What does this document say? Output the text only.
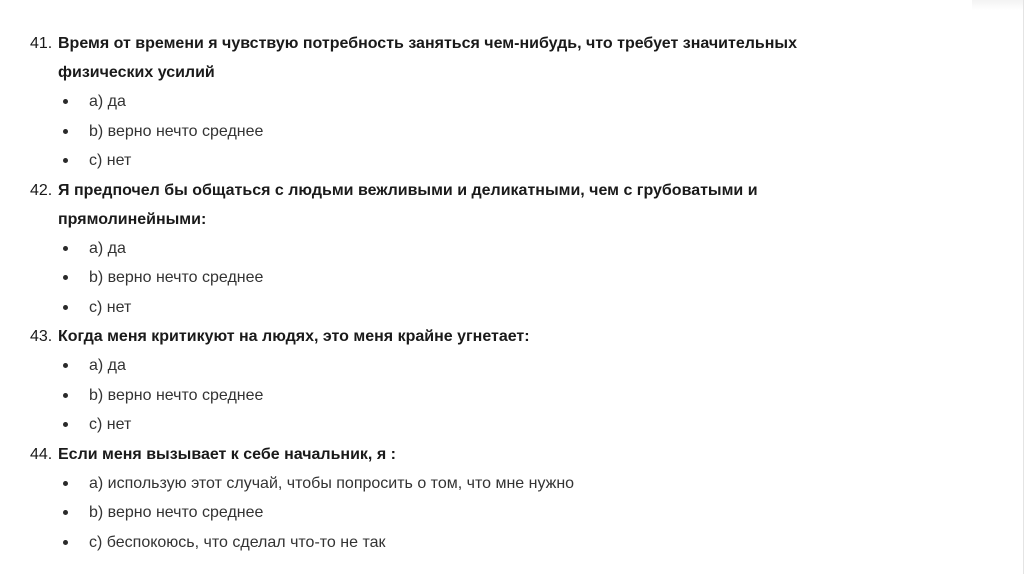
41. Время от времени я чувствую потребность заняться чем-нибудь, что требует значительных физических усилий
a) да
b) верно нечто среднее
c) нет
42. Я предпочел бы общаться с людьми вежливыми и деликатными, чем с грубоватыми и прямолинейными:
a) да
b) верно нечто среднее
c) нет
43. Когда меня критикуют на людях, это меня крайне угнетает:
a) да
b) верно нечто среднее
c) нет
44. Если меня вызывает к себе начальник, я :
a) использую этот случай, чтобы попросить о том, что мне нужно
b) верно нечто среднее
c) беспокоюсь, что сделал что-то не так
